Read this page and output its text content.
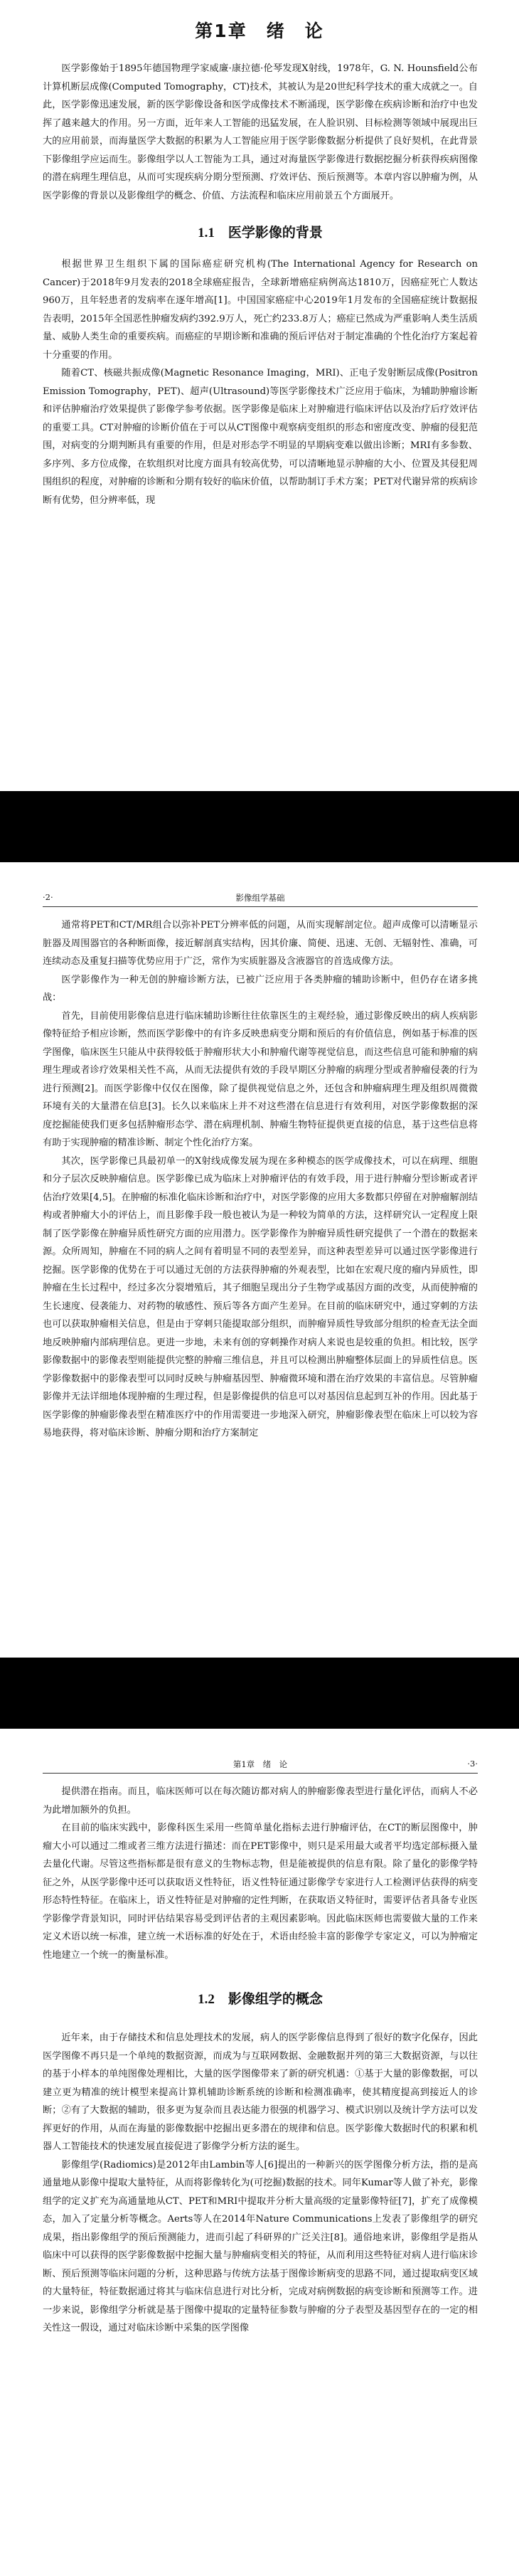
第1章　绪　论

医学影像始于1895年德国物理学家威廉·康拉德·伦琴发现X射线，1978年，G. N. Hounsfield公布计算机断层成像(Computed Tomography，CT)技术，其被认为是20世纪科学技术的重大成就之一。自此，医学影像迅速发展，新的医学影像设备和医学成像技术不断涌现，医学影像在疾病诊断和治疗中也发挥了越来越大的作用。另一方面，近年来人工智能的迅猛发展，在人脸识别、目标检测等领域中展现出巨大的应用前景，而海量医学大数据的积累为人工智能应用于医学影像数据分析提供了良好契机，在此背景下影像组学应运而生。影像组学以人工智能为工具，通过对海量医学影像进行数据挖掘分析获得疾病图像的潜在病理生理信息，从而可实现疾病分期分型预测、疗效评估、预后预测等。本章内容以肿瘤为例，从医学影像的背景以及影像组学的概念、价值、方法流程和临床应用前景五个方面展开。

1.1　医学影像的背景

根据世界卫生组织下属的国际癌症研究机构(The International Agency for Research on Cancer)于2018年9月发表的2018全球癌症报告，全球新增癌症病例高达1810万，因癌症死亡人数达960万，且年轻患者的发病率在逐年增高[1]。中国国家癌症中心2019年1月发布的全国癌症统计数据报告表明，2015年全国恶性肿瘤发病约392.9万人，死亡约233.8万人；癌症已然成为严重影响人类生活质量、威胁人类生命的重要疾病。而癌症的早期诊断和准确的预后评估对于制定准确的个性化治疗方案起着十分重要的作用。

随着CT、核磁共振成像(Magnetic Resonance Imaging，MRI)、正电子发射断层成像(Positron Emission Tomography，PET)、超声(Ultrasound)等医学影像技术广泛应用于临床，为辅助肿瘤诊断和评估肿瘤治疗效果提供了影像学参考依据。医学影像是临床上对肿瘤进行临床评估以及治疗后疗效评估的重要工具。CT对肿瘤的诊断价值在于可以从CT图像中观察病变组织的形态和密度改变、肿瘤的侵犯范围，对病变的分期判断具有重要的作用，但是对形态学不明显的早期病变难以做出诊断；MRI有多参数、多序列、多方位成像，在软组织对比度方面具有较高优势，可以清晰地显示肿瘤的大小、位置及其侵犯周围组织的程度，对肿瘤的诊断和分期有较好的临床价值，以帮助制订手术方案；PET对代谢异常的疾病诊断有优势，但分辨率低，现

·2·	影像组学基础

通常将PET和CT/MR组合以弥补PET分辨率低的问题，从而实现解剖定位。超声成像可以清晰显示脏器及周围器官的各种断面像，接近解剖真实结构，因其价廉、简便、迅速、无创、无辐射性、准确，可连续动态及重复扫描等优势应用于广泛，常作为实质脏器及含液器官的首选成像方法。

医学影像作为一种无创的肿瘤诊断方法，已被广泛应用于各类肿瘤的辅助诊断中，但仍存在诸多挑战：

首先，目前使用影像信息进行临床辅助诊断往往依靠医生的主观经验，通过影像反映出的病人疾病影像特征给予相应诊断，然而医学影像中的有许多反映患病变分期和预后的有价值信息，例如基于标准的医学图像，临床医生只能从中获得较低于肿瘤形状大小和肿瘤代谢等视觉信息，而这些信息可能和肿瘤的病理生理或者诊疗效果相关性不高，从而无法提供有效的手段早期区分肿瘤的病理分型或者肿瘤侵袭的行为进行预测[2]。而医学影像中仅仅在图像，除了提供视觉信息之外，还包含和肿瘤病理生理及组织周微微环境有关的大量潜在信息[3]。长久以来临床上并不对这些潜在信息进行有效利用，对医学影像数据的深度挖掘能使我们更多包括肿瘤形态学、潜在病理机制、肿瘤生物特征提供更直接的信息，基于这些信息将有助于实现肿瘤的精准诊断、制定个性化治疗方案。

其次，医学影像已具最初单一的X射线成像发展为现在多种模态的医学成像技术，可以在病理、细胞和分子层次反映肿瘤信息。医学影像已成为临床上对肿瘤评估的有效手段，用于进行肿瘤分型诊断或者评估治疗效果[4,5]。在肿瘤的标准化临床诊断和治疗中，对医学影像的应用大多数都只停留在对肿瘤解剖结构或者肿瘤大小的评估上，而且影像手段一般也被认为是一种较为简单的方法，这样研究认一定程度上限制了医学影像在肿瘤异质性研究方面的应用潜力。医学影像作为肿瘤异质性研究提供了一个潜在的数据来源。众所周知，肿瘤在不同的病人之间有着明显不同的表型差异，而这种表型差异可以通过医学影像进行挖掘。医学影像的优势在于可以通过无创的方法获得肿瘤的外观表型，比如在宏观尺度的瘤内异质性，即肿瘤在生长过程中，经过多次分裂增殖后，其子细胞呈现出分子生物学或基因方面的改变，从而使肿瘤的生长速度、侵袭能力、对药物的敏感性、预后等各方面产生差异。在目前的临床研究中，通过穿刺的方法也可以获取肿瘤相关信息，但是由于穿刺只能提取部分组织，而肿瘤异质性导致部分组织的检查无法全面地反映肿瘤内部病理信息。更进一步地，未来有创的穿刺操作对病人来说也是较重的负担。相比较，医学影像数据中的影像表型则能提供完整的肿瘤三维信息，并且可以检测出肿瘤整体层面上的异质性信息。医学影像数据中的影像表型可以同时反映与肿瘤基因型、肿瘤微环境和潜在治疗效果的丰富信息。尽管肿瘤影像并无法详细地体现肿瘤的生理过程，但是影像提供的信息可以对基因信息起到互补的作用。因此基于医学影像的肿瘤影像表型在精准医疗中的作用需要进一步地深入研究，肿瘤影像表型在临床上可以较为容易地获得，将对临床诊断、肿瘤分期和治疗方案制定

第1章　绪　论	·3·

提供潜在指南。而且，临床医师可以在每次随访都对病人的肿瘤影像表型进行量化评估，而病人不必为此增加额外的负担。

在目前的临床实践中，影像科医生采用一些简单量化指标去进行肿瘤评估，在CT的断层图像中，肿瘤大小可以通过二维或者三维方法进行描述：而在PET影像中，则只是采用最大或者平均选定部标摄入量去量化代谢。尽管这些指标都是很有意义的生物标志物，但是能被提供的信息有限。除了量化的影像学特征之外，从医学影像中还可以获取语义性特征，语义性特征通过影像学专家进行人工检测评估获得的病变形态特性特征。在临床上，语义性特征是对肿瘤的定性判断，在获取语义特征时，需要评估者具备专业医学影像学背景知识，同时评估结果容易受到评估者的主观因素影响。因此临床医师也需要做大量的工作来定义术语以统一标准，建立统一术语标准的好处在于，术语由经验丰富的影像学专家定义，可以为肿瘤定性地建立一个统一的衡量标准。

1.2　影像组学的概念

近年来，由于存储技术和信息处理技术的发展，病人的医学影像信息得到了很好的数字化保存，因此医学图像不再只是一个单纯的数据资源，而成为与互联网数据、金融数据并列的第三大数据资源，与以往的基于小样本的单纯图像处理相比，大量的医学图像带来了新的研究机遇：①基于大量的影像数据，可以建立更为精准的统计模型来提高计算机辅助诊断系统的诊断和检测准确率，使其精度提高到接近人的诊断；②有了大数据的辅助，很多更为复杂而且表达能力很强的机器学习、模式识别以及统计学方法可以发挥更好的作用，从而在海量的影像数据中挖掘出更多潜在的规律和信息。医学影像大数据时代的积累和机器人工智能技术的快速发展直接促进了影像学分析方法的诞生。

影像组学(Radiomics)是2012年由Lambin等人[6]提出的一种新兴的医学图像分析方法，指的是高通量地从影像中提取大量特征，从而将影像转化为(可挖掘)数据的技术。同年Kumar等人做了补充，影像组学的定义扩充为高通量地从CT、PET和MRI中提取并分析大量高级的定量影像特征[7]，扩充了成像模态，加入了定量分析等概念。Aerts等人在2014年Nature Communications上发表了影像组学的研究成果，指出影像组学的预后预测能力，进而引起了科研界的广泛关注[8]。通俗地来讲，影像组学是指从临床中可以获得的医学影像数据中挖掘大量与肿瘤病变相关的特征，从而利用这些特征对病人进行临床诊断、预后预测等临床问题的分析，这种思路与传统方法基于图像诊断病变的思路不同，通过提取病变区域的大量特征，特征数据通过将其与临床信息进行对比分析，完成对病例数据的病变诊断和预测等工作。进一步来说，影像组学分析就是基于图像中提取的定量特征参数与肿瘤的分子表型及基因型存在的一定的相关性这一假设，通过对临床诊断中采集的医学图像
